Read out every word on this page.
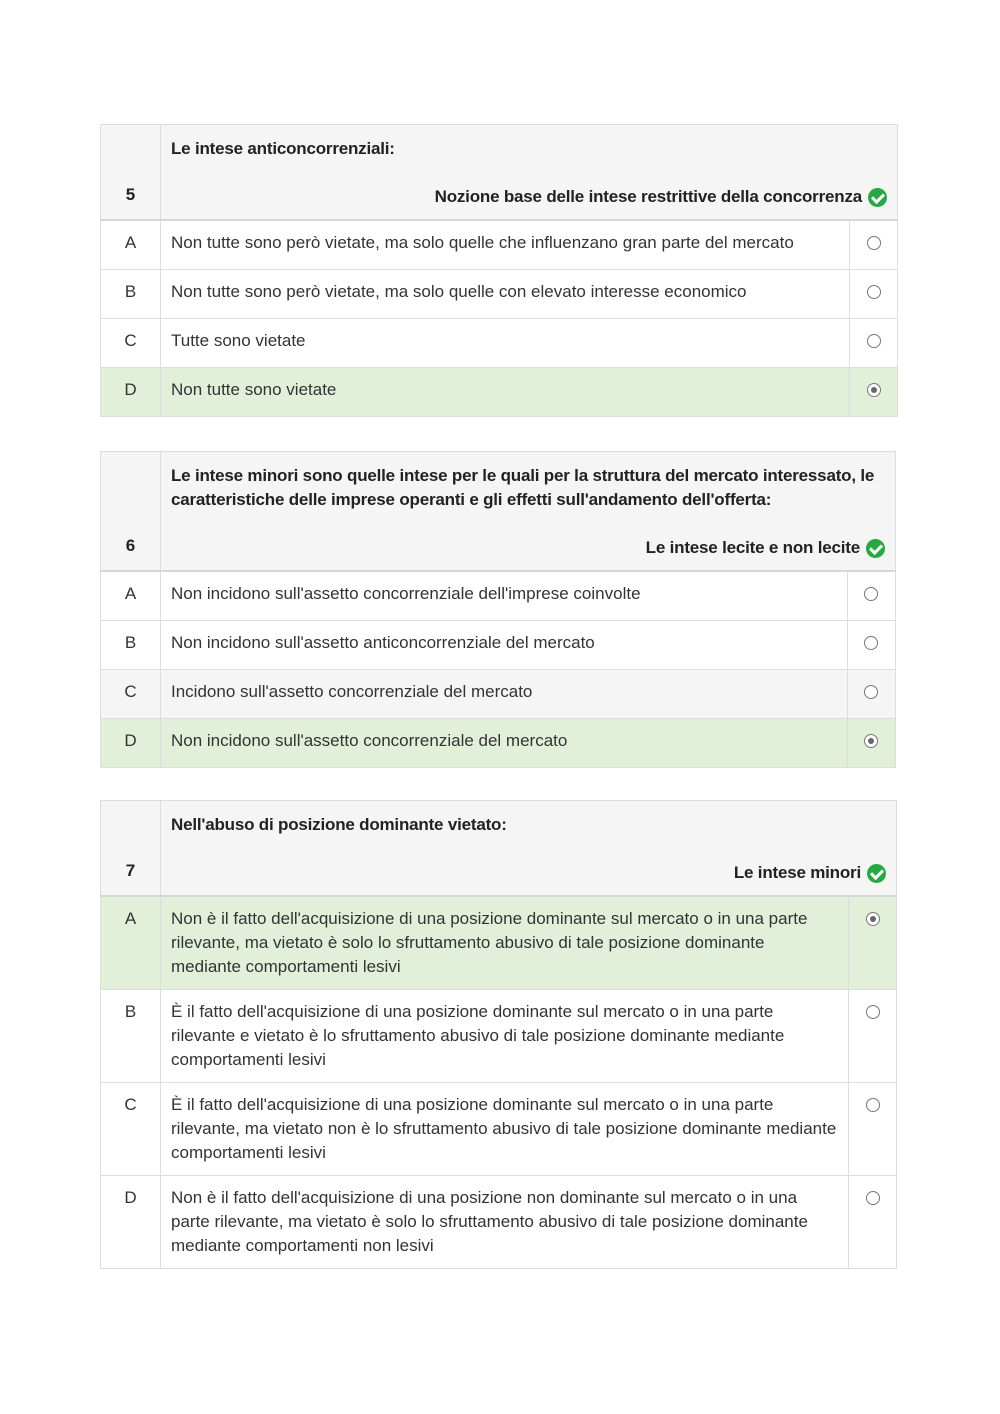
5	Le intese anticoncorrenziali:
Nozione base delle intese restrittive della concorrenza	

A	Non tutte sono però vietate, ma solo quelle che influenzano gran parte del mercato	
B	Non tutte sono però vietate, ma solo quelle con elevato interesse economico	
C	Tutte sono vietate	
D	Non tutte sono vietate	
6	Le intese minori sono quelle intese per le quali per la struttura del mercato interessato, le caratteristiche delle imprese operanti e gli effetti sull'andamento dell'offerta:
Le intese lecite e non lecite	

A	Non incidono sull'assetto concorrenziale dell'imprese coinvolte	
B	Non incidono sull'assetto anticoncorrenziale del mercato	
C	Incidono sull'assetto concorrenziale del mercato	
D	Non incidono sull'assetto concorrenziale del mercato	
7	Nell'abuso di posizione dominante vietato:
Le intese minori	

A	Non è il fatto dell'acquisizione di una posizione dominante sul mercato o in una parte rilevante, ma vietato è solo lo sfruttamento abusivo di tale posizione dominante mediante comportamenti lesivi	
B	È il fatto dell'acquisizione di una posizione dominante sul mercato o in una parte rilevante e vietato è lo sfruttamento abusivo di tale posizione dominante mediante comportamenti lesivi	
C	È il fatto dell'acquisizione di una posizione dominante sul mercato o in una parte rilevante, ma vietato non è lo sfruttamento abusivo di tale posizione dominante mediante comportamenti lesivi	
D	Non è il fatto dell'acquisizione di una posizione non dominante sul mercato o in una parte rilevante, ma vietato è solo lo sfruttamento abusivo di tale posizione dominante mediante comportamenti non lesivi	
